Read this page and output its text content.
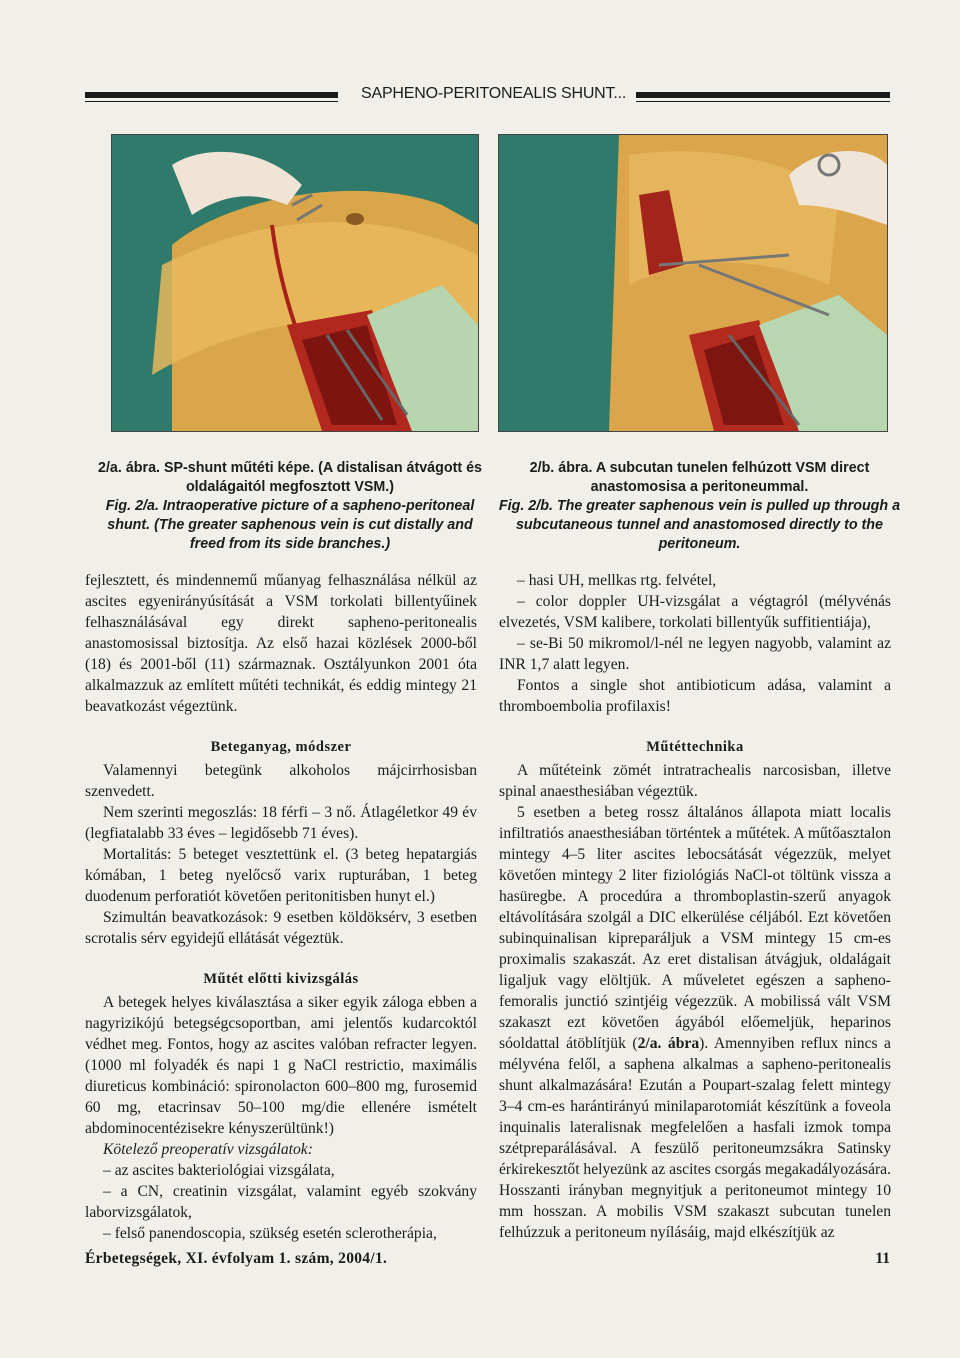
SAPHENO-PERITONEALIS SHUNT...
2/a. ábra. SP-shunt műtéti képe. (A distalisan átvágott és oldalágaitól megfosztott VSM.)
Fig. 2/a. Intraoperative picture of a sapheno-peritoneal shunt. (The greater saphenous vein is cut distally and freed from its side branches.)
2/b. ábra. A subcutan tunelen felhúzott VSM direct anastomosisa a peritoneummal.
Fig. 2/b. The greater saphenous vein is pulled up through a subcutaneous tunnel and anastomosed directly to the peritoneum.

fejlesztett, és mindennemű műanyag felhasználása nélkül az ascites egyenirányúsítását a VSM torkolati billentyűinek felhasználásával egy direkt sapheno-peritonealis anastomosissal biztosítja. Az első hazai közlések 2000-ből (18) és 2001-ből (11) származnak. Osztályunkon 2001 óta alkalmazzuk az említett műtéti technikát, és eddig mintegy 21 beavatkozást végeztünk.

Beteganyag, módszer

Valamennyi betegünk alkoholos májcirrhosisban szenvedett.

Nem szerinti megoszlás: 18 férfi – 3 nő. Átlagéletkor 49 év (legfiatalabb 33 éves – legidősebb 71 éves).

Mortalitás: 5 beteget vesztettünk el. (3 beteg hepatargiás kómában, 1 beteg nyelőcső varix rupturában, 1 beteg duodenum perforatiót követően peritonitisben hunyt el.)

Szimultán beavatkozások: 9 esetben köldöksérv, 3 esetben scrotalis sérv egyidejű ellátását végeztük.

Műtét előtti kivizsgálás

A betegek helyes kiválasztása a siker egyik záloga ebben a nagyrizikójú betegségcsoportban, ami jelentős kudarcoktól védhet meg. Fontos, hogy az ascites valóban refracter legyen. (1000 ml folyadék és napi 1 g NaCl restrictio, maximális diureticus kombináció: spironolacton 600–800 mg, furosemid 60 mg, etacrinsav 50–100 mg/die ellenére ismételt abdominocentézisekre kényszerültünk!)

Kötelező preoperatív vizsgálatok:

– az ascites bakteriológiai vizsgálata,

– a CN, creatinin vizsgálat, valamint egyéb szokvány laborvizsgálatok,

– felső panendoscopia, szükség esetén sclerotherápia,

– hasi UH, mellkas rtg. felvétel,

– color doppler UH-vizsgálat a végtagról (mélyvénás elvezetés, VSM kalibere, torkolati billentyűk suffitientiája),

– se-Bi 50 mikromol/l-nél ne legyen nagyobb, valamint az INR 1,7 alatt legyen.

Fontos a single shot antibioticum adása, valamint a thromboembolia profilaxis!

Műtéttechnika

A műtéteink zömét intratrachealis narcosisban, illetve spinal anaesthesiában végeztük.

5 esetben a beteg rossz általános állapota miatt localis infiltratiós anaesthesiában történtek a műtétek. A műtőasztalon mintegy 4–5 liter ascites lebocsátását végezzük, melyet követően mintegy 2 liter fiziológiás NaCl-ot töltünk vissza a hasüregbe. A procedúra a thromboplastin-szerű anyagok eltávolítására szolgál a DIC elkerülése céljából. Ezt követően subinquinalisan kipreparáljuk a VSM mintegy 15 cm-es proximalis szakaszát. Az eret distalisan átvágjuk, oldalágait ligaljuk vagy elöltjük. A műveletet egészen a sapheno-femoralis junctió szintjéig végezzük. A mobilissá vált VSM szakaszt ezt követően ágyából előemeljük, heparinos sóoldattal átöblítjük (2/a. ábra). Amennyiben reflux nincs a mélyvéna felől, a saphena alkalmas a sapheno-peritonealis shunt alkalmazására! Ezután a Poupart-szalag felett mintegy 3–4 cm-es harántirányú minilaparotomiát készítünk a foveola inquinalis lateralisnak megfelelően a hasfali izmok tompa szétpreparálásával. A feszülő peritoneumzsákra Satinsky érkirekesztőt helyezünk az ascites csorgás megakadályozására. Hosszanti irányban megnyitjuk a peritoneumot mintegy 10 mm hosszan. A mobilis VSM szakaszt subcutan tunelen felhúzzuk a peritoneum nyílásáig, majd elkészítjük az

Érbetegségek, XI. évfolyam 1. szám, 2004/1.	11
